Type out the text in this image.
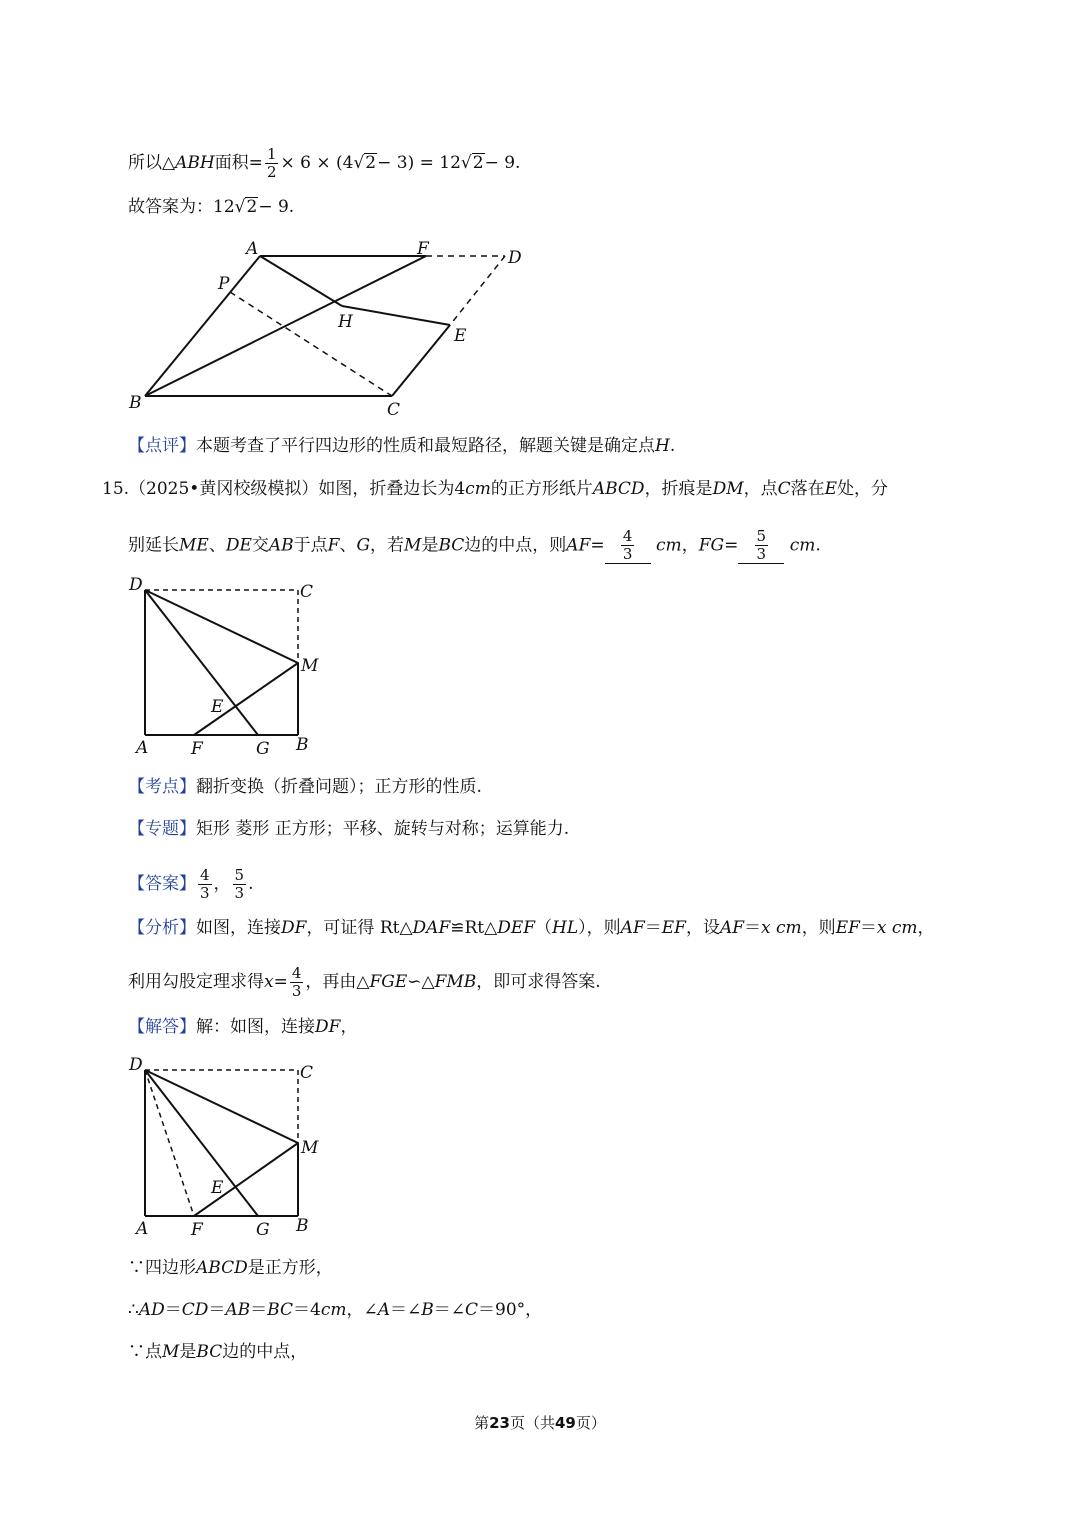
所以△ABH面积= $\frac{1}{2} \times 6 \times (4√2- 3) = 12√2- 9$.
故答案为：12√2− 9.
A	F	D
P
H
E
B	C
【点评】本题考查了平行四边形的性质和最短路径，解题关键是确定点H.
15.（2025•黄冈校级模拟）如图，折叠边长为4cm的正方形纸片ABCD，折痕是DM，点C落在E处，分
别延长ME、DE交AB于点F、G，若M是BC边的中点，则$AF= \frac{4}{3}$ cm，$FG= \frac{5}{3}$ cm.
D	C
M
E
A	F	G B
【考点】翻折变换（折叠问题）；正方形的性质.
【专题】矩形 菱形 正方形；平移、旋转与对称；运算能力.
【答案】 $\frac{4}{3}$ ， $\frac{5}{3}$ .
【分析】如图，连接DF，可证得 Rt△DAF≌Rt△DEF（HL），则AF＝EF，设AF＝x cm，则EF＝x cm，
利用勾股定理求得$x= \frac{4}{3}$ ，再由△FGE∽△FMB，即可求得答案.
【解答】解：如图，连接DF，
D	C
M
E
A	F	G B
∵四边形ABCD是正方形，
∴AD＝CD＝AB＝BC＝4cm，∠A＝∠B＝∠C＝90°，
∵点M是BC边的中点，
第23页（共49页）
